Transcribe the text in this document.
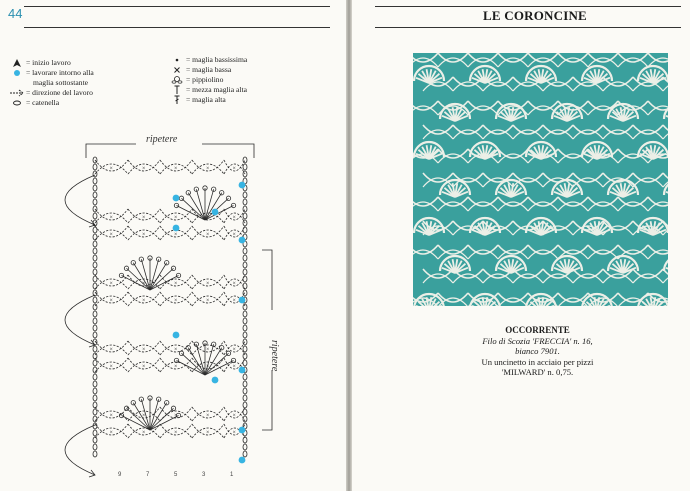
44
= inizio lavoro
= lavorare intorno alla
maglia sottostante
= direzione del lavoro
= catenella
= maglia bassissima
= maglia bassa
= pippiolino
= mezza maglia alta
= maglia alta
×	×	×	×	×
×	×	×	×	×
×	×	×	×	×
×	×	×	×	×
×	×	×	×	×
×	×	×	×	×
×	×	×	×	×
×	×	×	×	×
×	×	×	×	×
ripetere
ripetere
9	7	5	3	1
LE CORONCINE
OCCORRENTE
Filo di Scozia 'FRECCIA' n. 16,
bianco 7901.
Un uncinetto in acciaio per pizzi
'MILWARD' n. 0,75.
